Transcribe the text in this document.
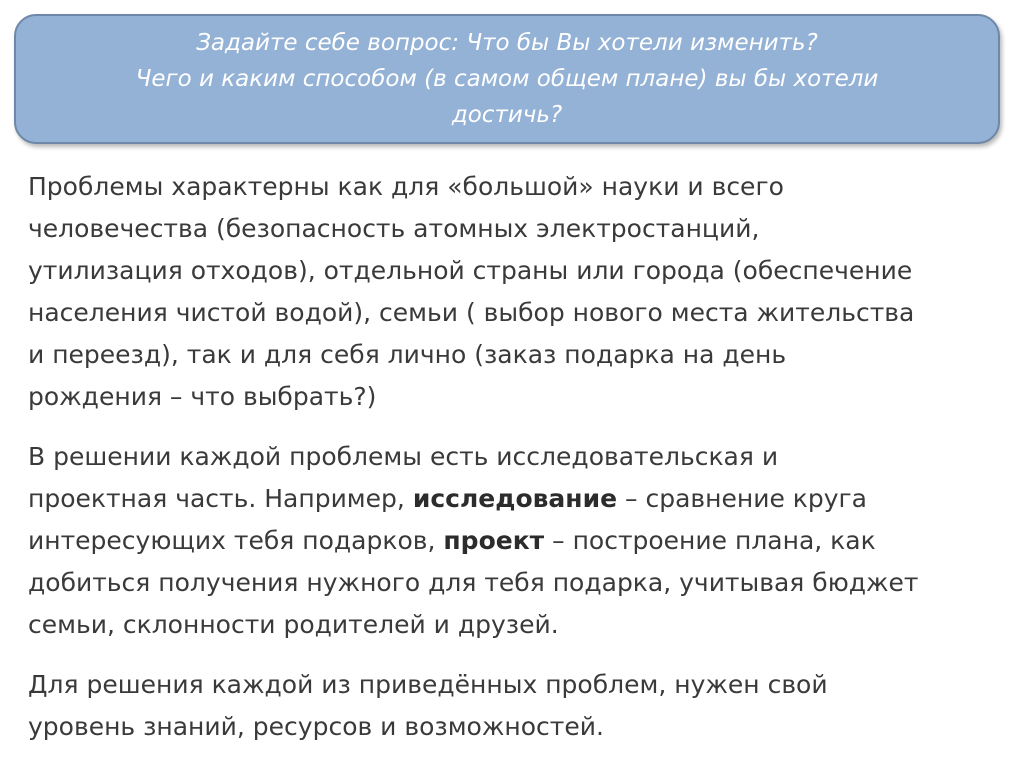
Задайте себе вопрос: Что бы Вы хотели изменить?
Чего и каким способом (в самом общем плане) вы бы хотели
достичь?
Проблемы характерны как для «большой» науки и всего
человечества (безопасность атомных электростанций,
утилизация отходов), отдельной страны или города (обеспечение
населения чистой водой), семьи ( выбор нового места жительства
и переезд), так и для себя лично (заказ подарка на день
рождения – что выбрать?)
В решении каждой проблемы есть исследовательская и
проектная часть. Например, исследование – сравнение круга
интересующих тебя подарков, проект – построение плана, как
добиться получения нужного для тебя подарка, учитывая бюджет
семьи, склонности родителей и друзей.
Для решения каждой из приведённых проблем, нужен свой
уровень знаний, ресурсов и возможностей.
